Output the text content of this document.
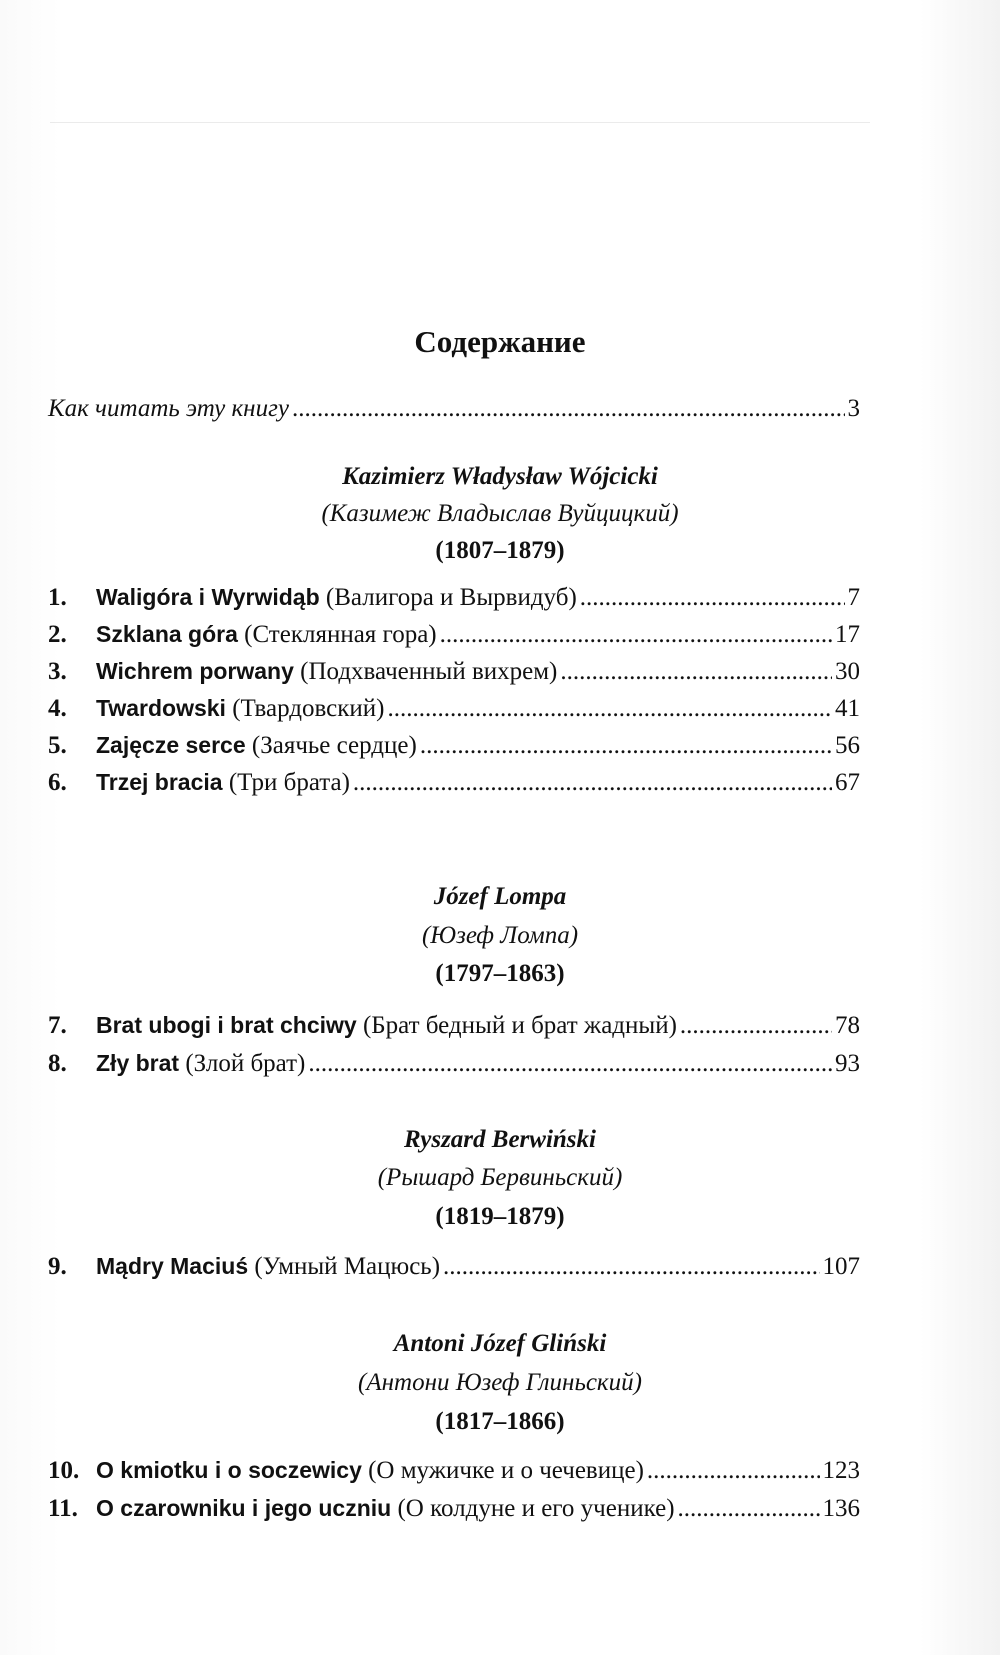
Содержание
Как читать эту книгу .....	3
Kazimierz Władysław Wójcicki
(Казимеж Владыслав Вуйцицкий)
(1807–1879)
1.	Waligóra i Wyrwidąb (Валигора и Вырвидуб) .....	7
2.	Szklana góra (Стеклянная гора) .....	17
3.	Wichrem porwany (Подхваченный вихрем) .....	30
4.	Twardowski (Твардовский) .....	41
5.	Zajęcze serce (Заячье сердце) .....	56
6.	Trzej bracia (Три брата) .....	67
Józef Lompa
(Юзеф Ломпа)
(1797–1863)
7.	Brat ubogi i brat chciwy (Брат бедный и брат жадный) .....	78
8.	Zły brat (Злой брат) .....	93
Ryszard Berwiński
(Рышард Бервиньский)
(1819–1879)
9.	Mądry Maciuś (Умный Мацюсь) .....	107
Antoni Józef Gliński
(Антони Юзеф Глиньский)
(1817–1866)
10. O kmiotku i o soczewicy (О мужичке и о чечевице) .....	123
11. O czarowniku i jego uczniu (О колдуне и его ученике) .....	136
